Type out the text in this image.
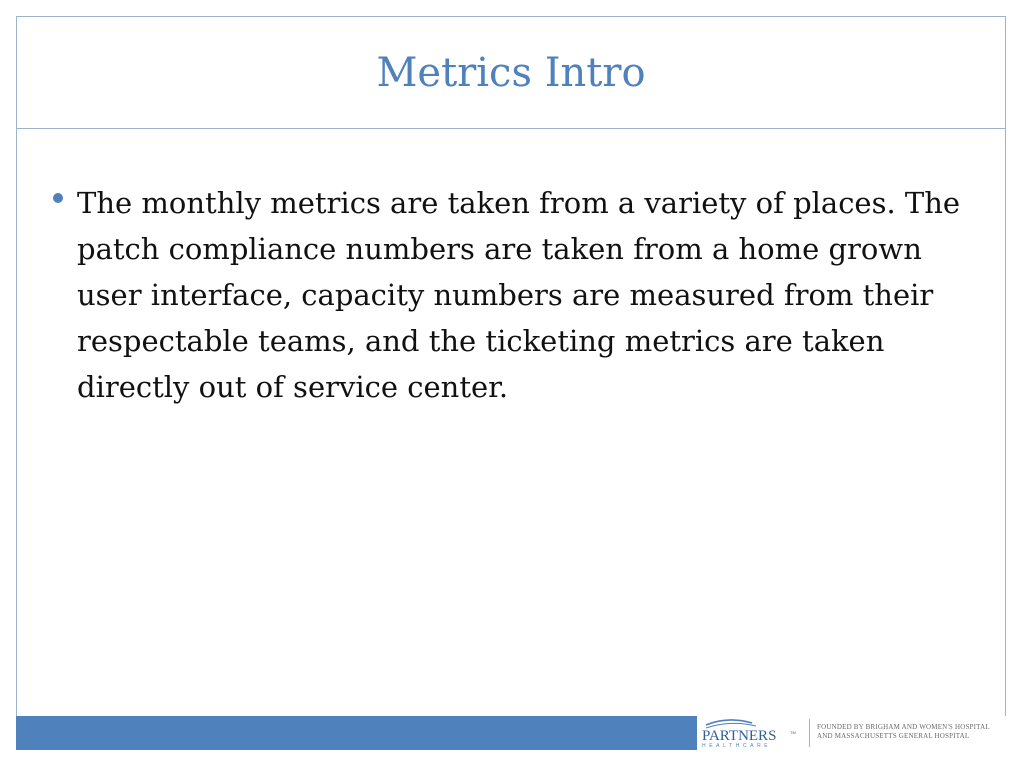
Metrics Intro
The monthly metrics are taken from a variety of places. The patch compliance numbers are taken from a home grown user interface, capacity numbers are measured from their respectable teams, and the ticketing metrics are taken directly out of service center.
PARTNERS	TM
HEALTHCARE
FOUNDED BY BRIGHAM AND WOMEN'S HOSPITAL
AND MASSACHUSETTS GENERAL HOSPITAL
